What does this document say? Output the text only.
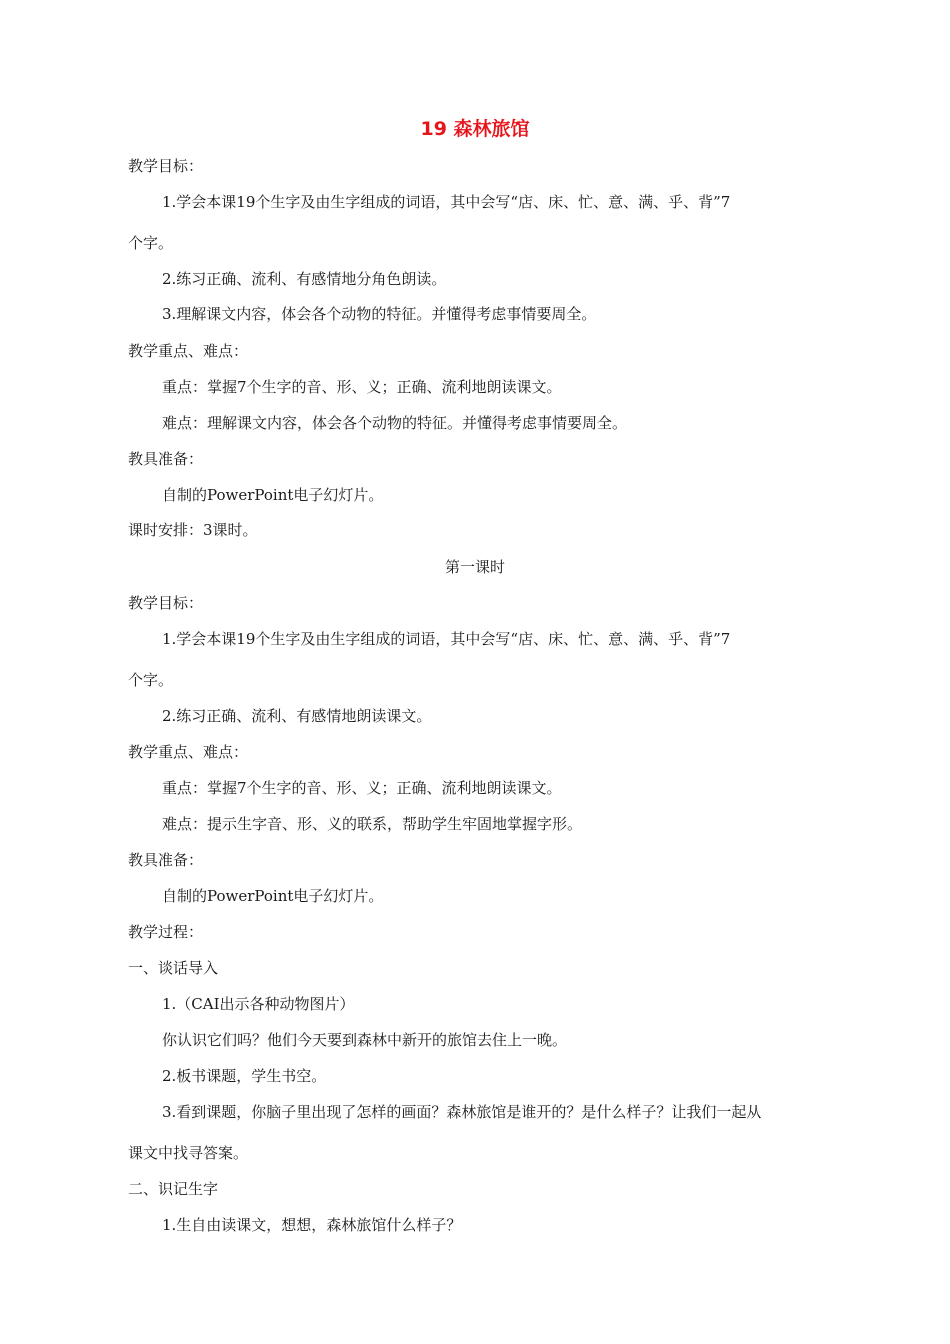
19 森林旅馆
教学目标：
1.学会本课19个生字及由生字组成的词语，其中会写“店、床、忙、意、满、乎、背”7
个字。
2.练习正确、流利、有感情地分角色朗读。
3.理解课文内容，体会各个动物的特征。并懂得考虑事情要周全。
教学重点、难点：
重点：掌握7个生字的音、形、义；正确、流利地朗读课文。
难点：理解课文内容，体会各个动物的特征。并懂得考虑事情要周全。
教具准备：
自制的PowerPoint电子幻灯片。
课时安排：3课时。
第一课时
教学目标：
1.学会本课19个生字及由生字组成的词语，其中会写“店、床、忙、意、满、乎、背”7
个字。
2.练习正确、流利、有感情地朗读课文。
教学重点、难点：
重点：掌握7个生字的音、形、义；正确、流利地朗读课文。
难点：提示生字音、形、义的联系，帮助学生牢固地掌握字形。
教具准备：
自制的PowerPoint电子幻灯片。
教学过程：
一、谈话导入
1.（CAI出示各种动物图片）
你认识它们吗？他们今天要到森林中新开的旅馆去住上一晚。
2.板书课题，学生书空。
3.看到课题，你脑子里出现了怎样的画面？森林旅馆是谁开的？是什么样子？让我们一起从
课文中找寻答案。
二、识记生字
1.生自由读课文，想想，森林旅馆什么样子？
